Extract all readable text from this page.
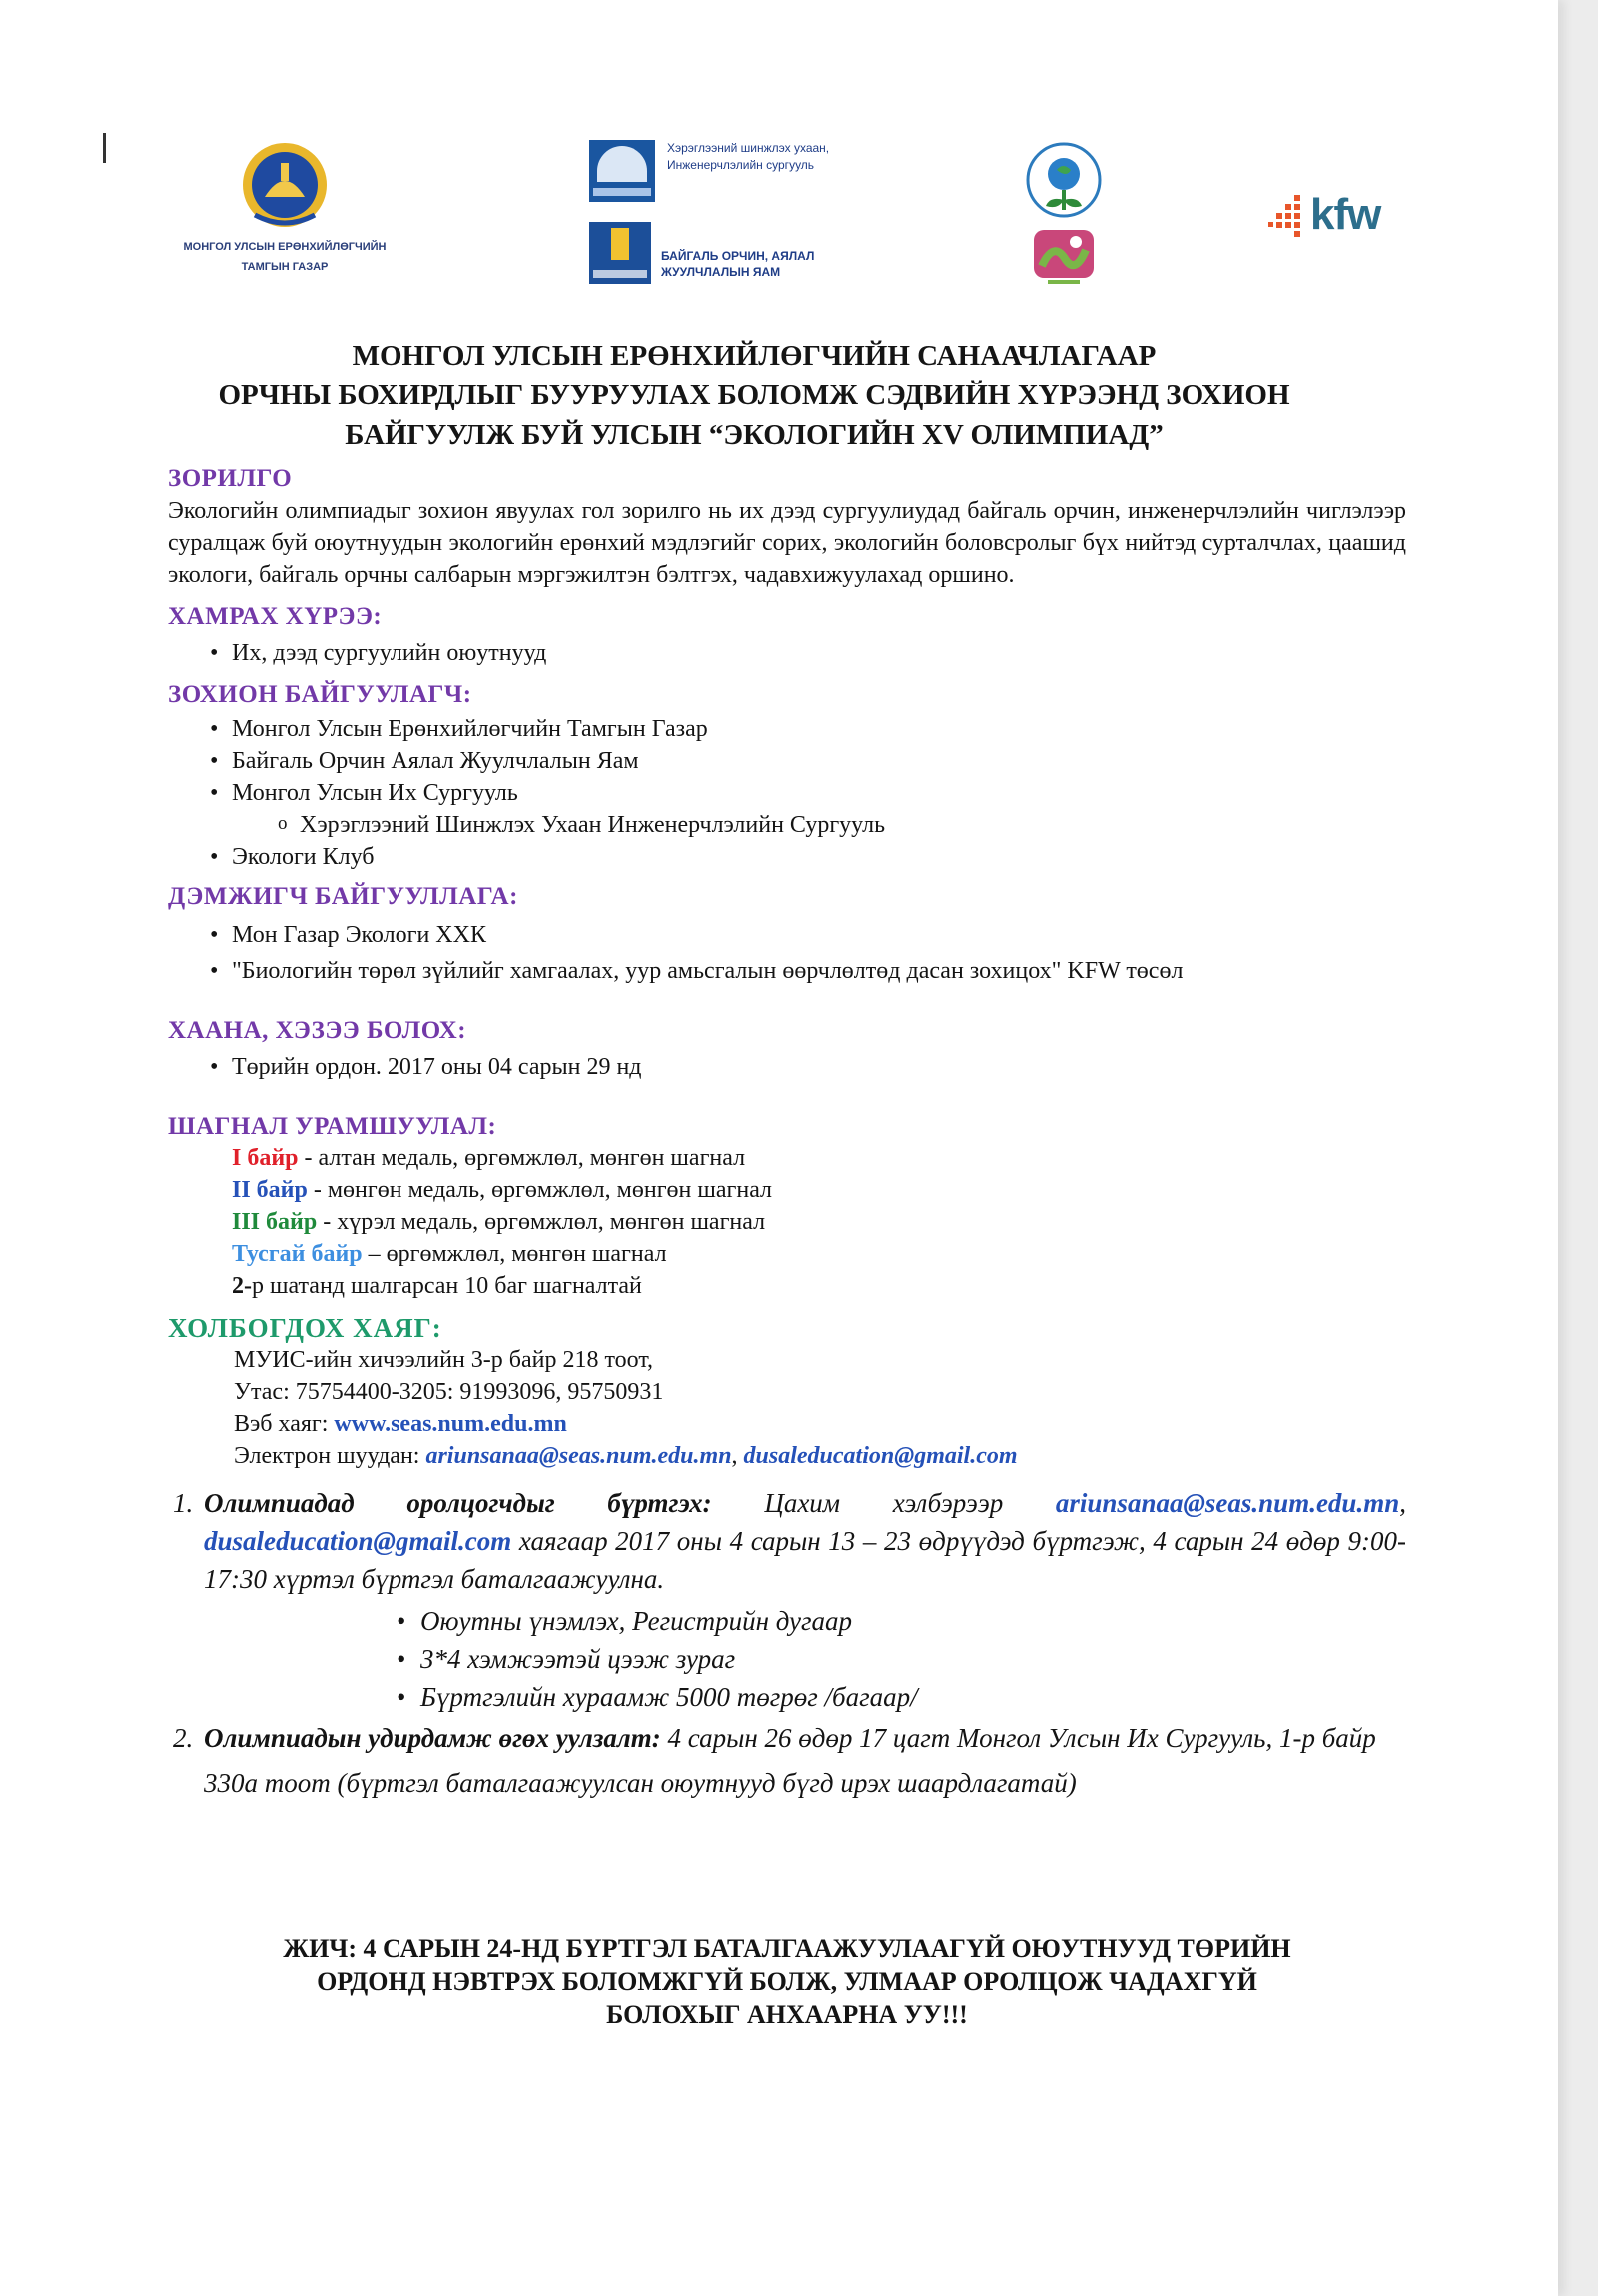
МОНГОЛ УЛСЫН ЕРӨНХИЙЛӨГЧИЙН
ТАМГЫН ГАЗАР
Хэрэглээний шинжлэх ухаан, Инженерчлэлийн сургууль
БАЙГАЛЬ ОРЧИН, АЯЛАЛ ЖУУЛЧЛАЛЫН ЯАМ
kfw
МОНГОЛ УЛСЫН ЕРӨНХИЙЛӨГЧИЙН САНААЧЛАГААР
ОРЧНЫ БОХИРДЛЫГ БУУРУУЛАХ БОЛОМЖ СЭДВИЙН ХҮРЭЭНД ЗОХИОН
БАЙГУУЛЖ БУЙ УЛСЫН “ЭКОЛОГИЙН XV ОЛИМПИАД”
ЗОРИЛГО
Экологийн олимпиадыг зохион явуулах гол зорилго нь их дээд сургуулиудад байгаль орчин, инженерчлэлийн чиглэлээр суралцаж буй оюутнуудын экологийн ерөнхий мэдлэгийг сорих, экологийн боловсролыг бүх нийтэд сурталчлах, цаашид экологи, байгаль орчны салбарын мэргэжилтэн бэлтгэх, чадавхижуулахад оршино.
ХАМРАХ ХҮРЭЭ:
• Их, дээд сургуулийн оюутнууд
ЗОХИОН БАЙГУУЛАГЧ:
• Монгол Улсын Ерөнхийлөгчийн Тамгын Газар
• Байгаль Орчин Аялал Жуулчлалын Яам
• Монгол Улсын Их Сургууль
o Хэрэглээний Шинжлэх Ухаан Инженерчлэлийн Сургууль
• Экологи Клуб
ДЭМЖИГЧ БАЙГУУЛЛАГА:
• Мон Газар Экологи ХХК
• "Биологийн төрөл зүйлийг хамгаалах, уур амьсгалын өөрчлөлтөд дасан зохицох" KFW төсөл
ХААНА, ХЭЗЭЭ БОЛОХ:
• Төрийн ордон. 2017 оны 04 сарын 29 нд
ШАГНАЛ УРАМШУУЛАЛ:
I байр - алтан медаль, өргөмжлөл, мөнгөн шагнал
II байр - мөнгөн медаль, өргөмжлөл, мөнгөн шагнал
III байр - хүрэл медаль, өргөмжлөл, мөнгөн шагнал
Тусгай байр – өргөмжлөл, мөнгөн шагнал
2-р шатанд шалгарсан 10 баг шагналтай
ХОЛБОГДОХ ХАЯГ:
МУИС-ийн хичээлийн 3-р байр 218 тоот,
Утас: 75754400-3205: 91993096, 95750931
Вэб хаяг: www.seas.num.edu.mn
Электрон шуудан: ariunsanaa@seas.num.edu.mn, dusaleducation@gmail.com
1. Олимпиадад оролцогчдыг бүртгэх: Цахим хэлбэрээр ariunsanaa@seas.num.edu.mn, dusaleducation@gmail.com хаягаар 2017 оны 4 сарын 13 – 23 өдрүүдэд бүртгэж, 4 сарын 24 өдөр 9:00-17:30 хүртэл бүртгэл баталгаажуулна.
• Оюутны үнэмлэх, Регистрийн дугаар
• 3*4 хэмжээтэй цээж зураг
• Бүртгэлийн хураамж 5000 төгрөг /багаар/
2. Олимпиадын удирдамж өгөх уулзалт: 4 сарын 26 өдөр 17 цагт Монгол Улсын Их Сургууль, 1-р байр 330а тоот (бүртгэл баталгаажуулсан оюутнууд бүгд ирэх шаардлагатай)
ЖИЧ: 4 САРЫН 24-НД БҮРТГЭЛ БАТАЛГААЖУУЛААГҮЙ ОЮУТНУУД ТӨРИЙН
ОРДОНД НЭВТРЭХ БОЛОМЖГҮЙ БОЛЖ, УЛМААР ОРОЛЦОЖ ЧАДАХГҮЙ
БОЛОХЫГ АНХААРНА УУ!!!
